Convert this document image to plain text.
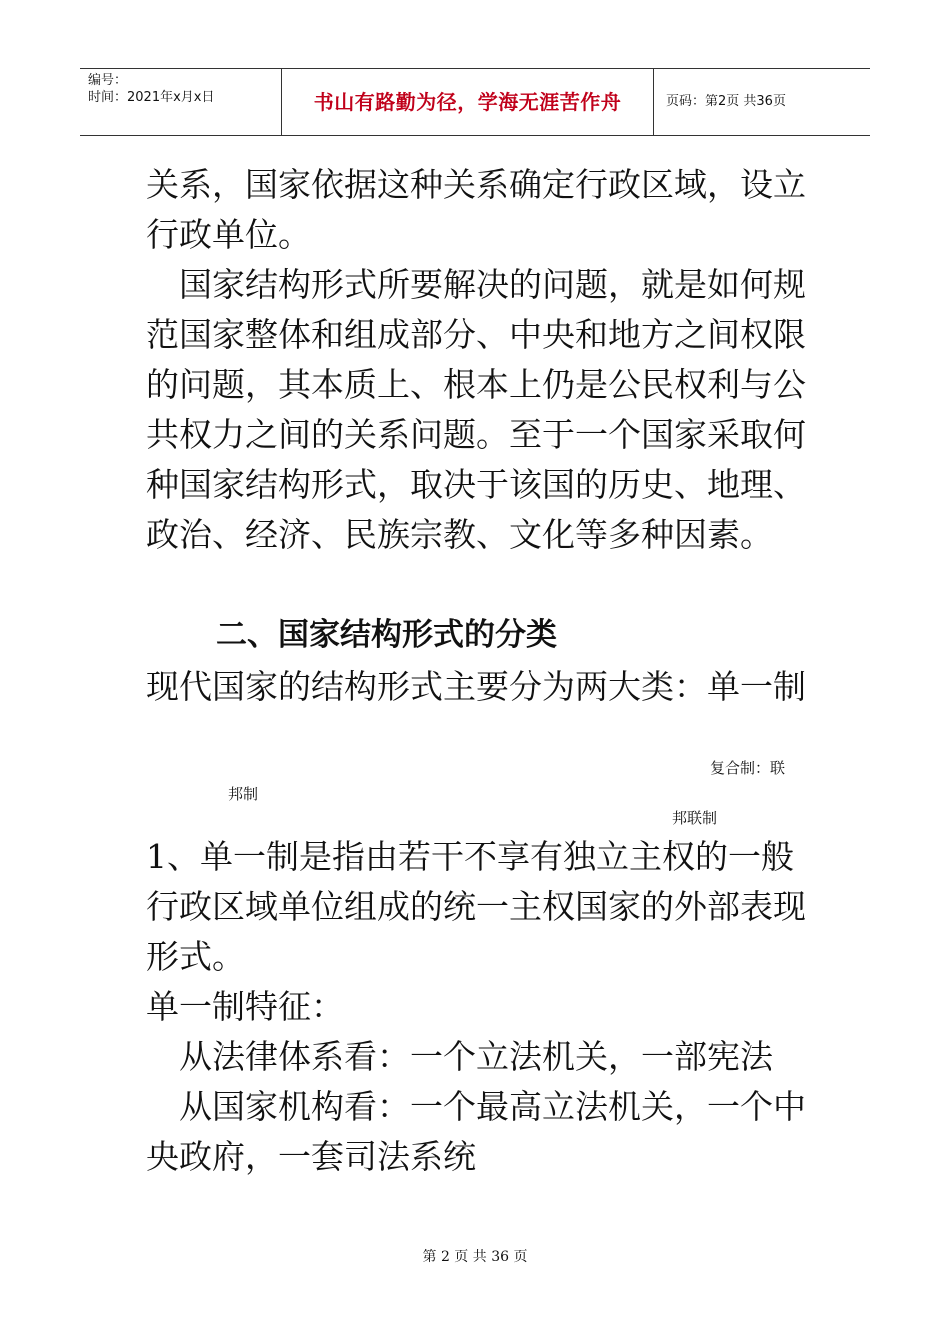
编号：
时间：2021年x月x日	书山有路勤为径，学海无涯苦作舟	页码：第2页 共36页

关系，国家依据这种关系确定行政区域，设立行政单位。

国家结构形式所要解决的问题，就是如何规范国家整体和组成部分、中央和地方之间权限的问题，其本质上、根本上仍是公民权利与公共权力之间的关系问题。至于一个国家采取何种国家结构形式，取决于该国的历史、地理、政治、经济、民族宗教、文化等多种因素。

二、国家结构形式的分类

现代国家的结构形式主要分为两大类：单一制

复合制：联
邦制
邦联制

1、单一制是指由若干不享有独立主权的一般行政区域单位组成的统一主权国家的外部表现形式。

单一制特征：

从法律体系看：一个立法机关，一部宪法

从国家机构看：一个最高立法机关，一个中央政府，一套司法系统

第 2 页 共 36 页
